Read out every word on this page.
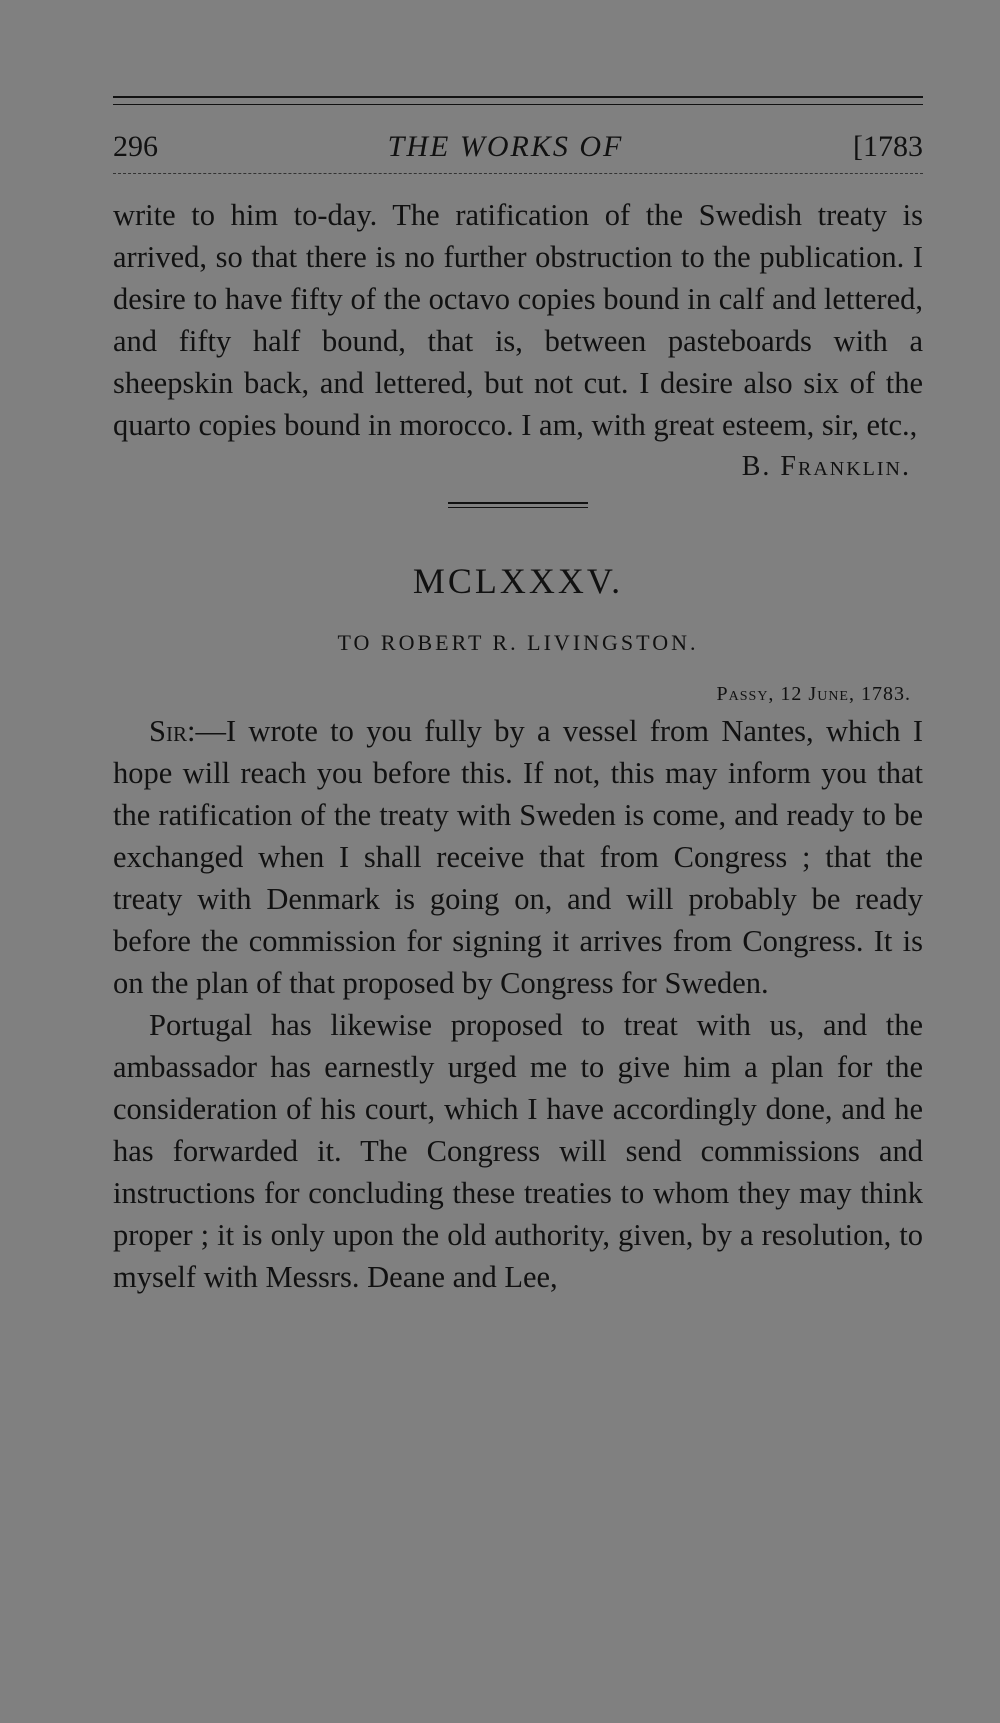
296	THE WORKS OF	[1783

write to him to-day. The ratification of the Swedish treaty is arrived, so that there is no further obstruction to the publication. I desire to have fifty of the octavo copies bound in calf and lettered, and fifty half bound, that is, between pasteboards with a sheepskin back, and lettered, but not cut. I desire also six of the quarto copies bound in morocco. I am, with great esteem, sir, etc.,

B. Franklin.
MCLXXXV.
TO ROBERT R. LIVINGSTON.
Passy, 12 June, 1783.

Sir:—I wrote to you fully by a vessel from Nantes, which I hope will reach you before this. If not, this may inform you that the ratification of the treaty with Sweden is come, and ready to be exchanged when I shall receive that from Congress ; that the treaty with Denmark is going on, and will probably be ready before the commission for signing it arrives from Congress. It is on the plan of that proposed by Congress for Sweden.

Portugal has likewise proposed to treat with us, and the ambassador has earnestly urged me to give him a plan for the consideration of his court, which I have accordingly done, and he has forwarded it. The Congress will send commissions and instructions for concluding these treaties to whom they may think proper ; it is only upon the old authority, given, by a resolution, to myself with Messrs. Deane and Lee,
